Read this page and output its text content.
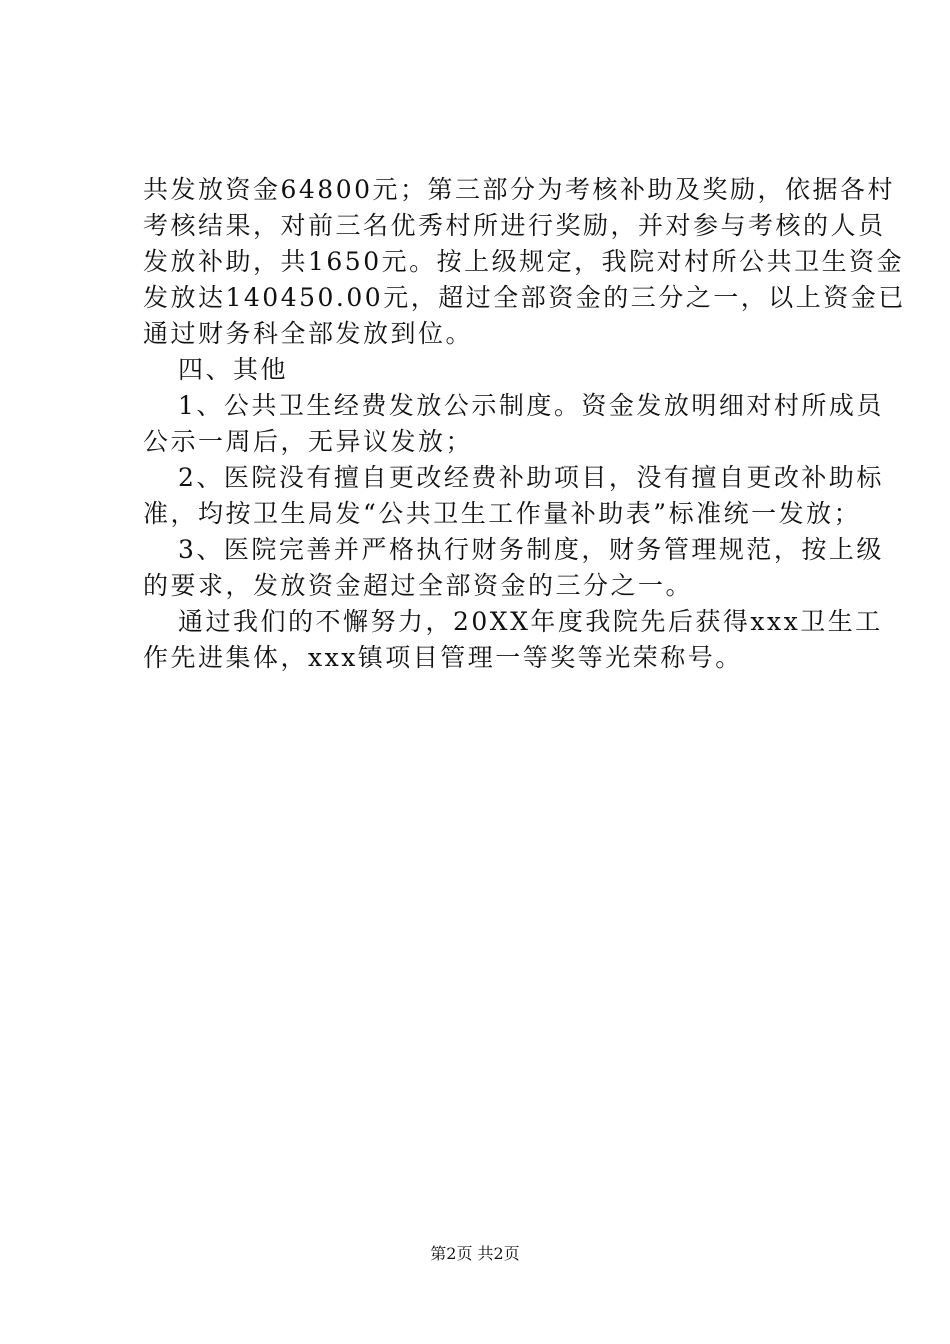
共发放资金64800元；第三部分为考核补助及奖励，依据各村
考核结果，对前三名优秀村所进行奖励，并对参与考核的人员
发放补助，共1650元。按上级规定，我院对村所公共卫生资金
发放达140450.00元，超过全部资金的三分之一，以上资金已
通过财务科全部发放到位。
四、其他
1、公共卫生经费发放公示制度。资金发放明细对村所成员
公示一周后，无异议发放；
2、医院没有擅自更改经费补助项目，没有擅自更改补助标
准，均按卫生局发“公共卫生工作量补助表”标准统一发放；
3、医院完善并严格执行财务制度，财务管理规范，按上级
的要求，发放资金超过全部资金的三分之一。
通过我们的不懈努力，20XX年度我院先后获得xxx卫生工
作先进集体，xxx镇项目管理一等奖等光荣称号。
第2页 共2页
